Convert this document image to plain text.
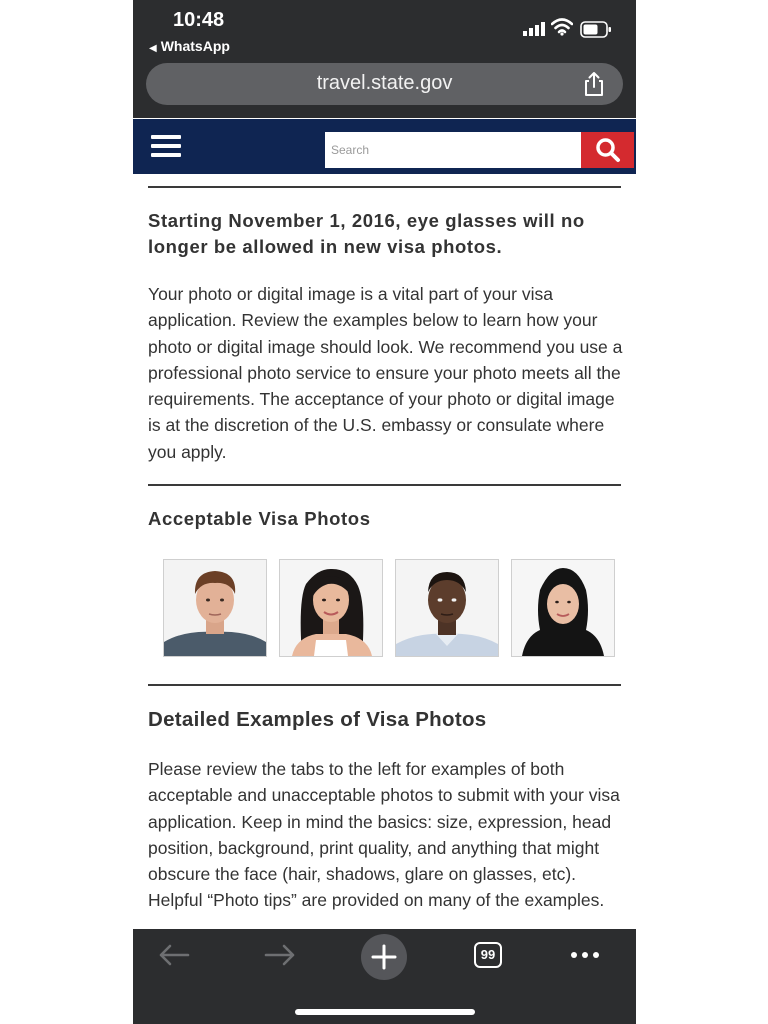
10:48
◀ WhatsApp
travel.state.gov
Search
Starting November 1, 2016, eye glasses will no longer be allowed in new visa photos.
Your photo or digital image is a vital part of your visa application. Review the examples below to learn how your photo or digital image should look. We recommend you use a professional photo service to ensure your photo meets all the requirements. The acceptance of your photo or digital image is at the discretion of the U.S. embassy or consulate where you apply.
Acceptable Visa Photos
Detailed Examples of Visa Photos
Please review the tabs to the left for examples of both acceptable and unacceptable photos to submit with your visa application. Keep in mind the basics: size, expression, head position, background, print quality, and anything that might obscure the face (hair, shadows, glare on glasses, etc). Helpful “Photo tips” are provided on many of the examples.
99
